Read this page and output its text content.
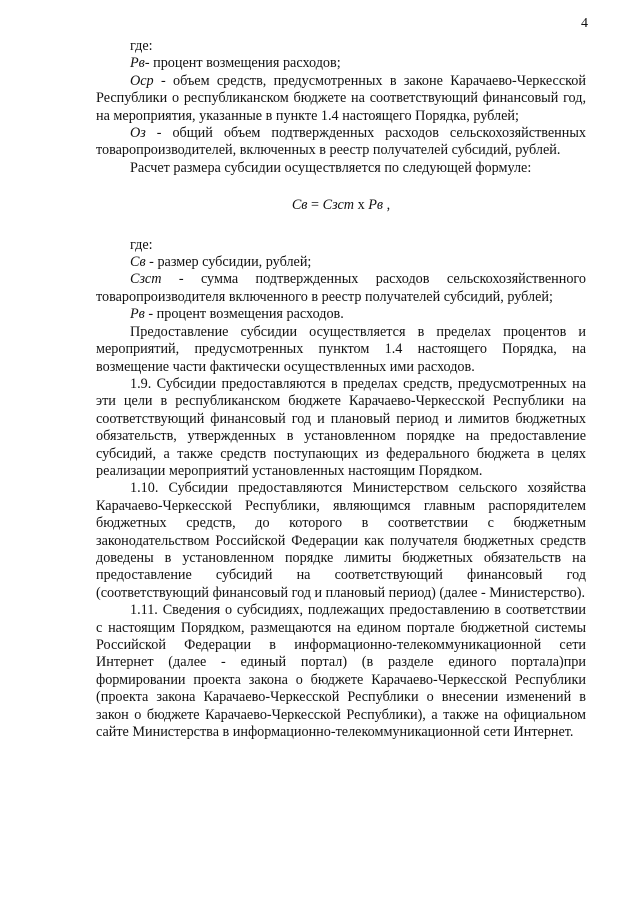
4

где:

Рв- процент возмещения расходов;

Оср - объем средств, предусмотренных в законе Карачаево-Черкесской Республики о республиканском бюджете на соответствующий финансовый год, на мероприятия, указанные в пункте 1.4 настоящего Порядка, рублей;

Оз - общий объем подтвержденных расходов сельскохозяйственных товаропроизводителей, включенных в реестр получателей субсидий, рублей.

Расчет размера субсидии осуществляется по следующей формуле:

Св = Сзст х Рв ,

где:

Св - размер субсидии, рублей;

Сзст - сумма подтвержденных расходов сельскохозяйственного товаропроизводителя включенного в реестр получателей субсидий, рублей;

Рв - процент возмещения расходов.

Предоставление субсидии осуществляется в пределах процентов и мероприятий, предусмотренных пунктом 1.4 настоящего Порядка, на возмещение части фактически осуществленных ими расходов.

1.9. Субсидии предоставляются в пределах средств, предусмотренных на эти цели в республиканском бюджете Карачаево-Черкесской Республики на соответствующий финансовый год и плановый период и лимитов бюджетных обязательств, утвержденных в установленном порядке на предоставление субсидий, а также средств поступающих из федерального бюджета в целях реализации мероприятий установленных настоящим Порядком.

1.10. Субсидии предоставляются Министерством сельского хозяйства Карачаево-Черкесской Республики, являющимся главным распорядителем бюджетных средств, до которого в соответствии с бюджетным законодательством Российской Федерации как получателя бюджетных средств доведены в установленном порядке лимиты бюджетных обязательств на предоставление субсидий на соответствующий финансовый год (соответствующий финансовый год и плановый период) (далее - Министерство).

1.11. Сведения о субсидиях, подлежащих предоставлению в соответствии с настоящим Порядком, размещаются на едином портале бюджетной системы Российской Федерации в информационно-телекоммуникационной сети Интернет (далее - единый портал) (в разделе единого портала)при формировании проекта закона о бюджете Карачаево-Черкесской Республики (проекта закона Карачаево-Черкесской Республики о внесении изменений в закон о бюджете Карачаево-Черкесской Республики), а также на официальном сайте Министерства в информационно-телекоммуникационной сети Интернет.
